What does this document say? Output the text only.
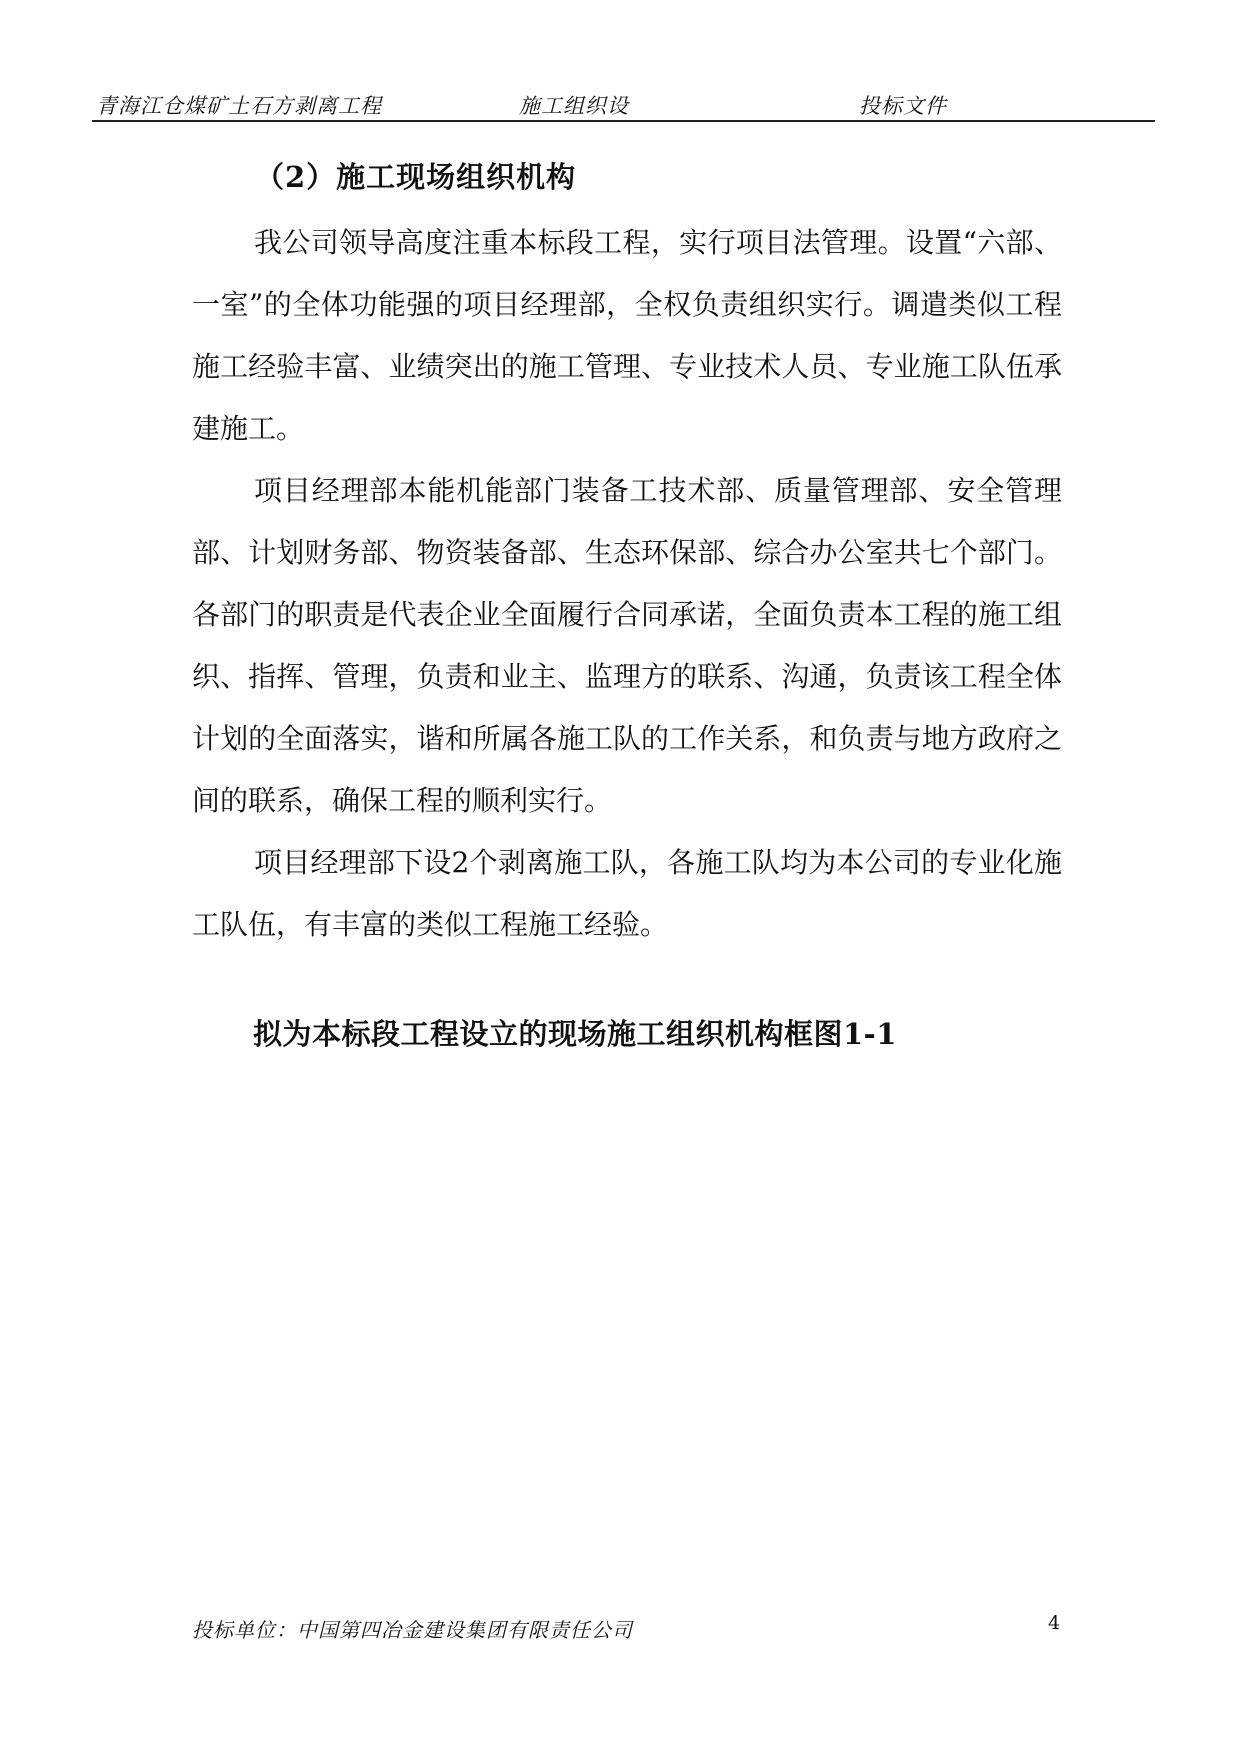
青海江仓煤矿土石方剥离工程	施工组织设	投标文件
（2）施工现场组织机构

我公司领导高度注重本标段工程，实行项目法管理。设置“六部、一室”的全体功能强的项目经理部，全权负责组织实行。调遣类似工程施工经验丰富、业绩突出的施工管理、专业技术人员、专业施工队伍承建施工。

项目经理部本能机能部门装备工技术部、质量管理部、安全管理部、计划财务部、物资装备部、生态环保部、综合办公室共七个部门。各部门的职责是代表企业全面履行合同承诺，全面负责本工程的施工组织、指挥、管理，负责和业主、监理方的联系、沟通，负责该工程全体计划的全面落实，谐和所属各施工队的工作关系，和负责与地方政府之间的联系，确保工程的顺利实行。

项目经理部下设2个剥离施工队，各施工队均为本公司的专业化施工队伍，有丰富的类似工程施工经验。

拟为本标段工程设立的现场施工组织机构框图1-1
投标单位：中国第四冶金建设集团有限责任公司	4
